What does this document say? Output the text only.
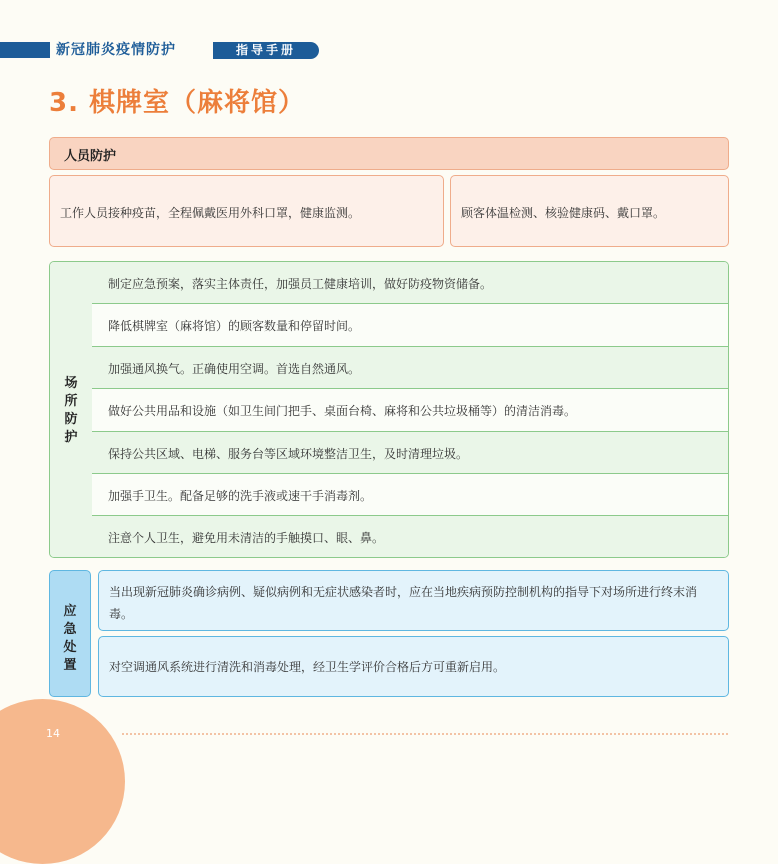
新冠肺炎疫情防护	指导手册
3. 棋牌室（麻将馆）
人员防护
工作人员接种疫苗，全程佩戴医用外科口罩，健康监测。	顾客体温检测、核验健康码、戴口罩。
场所防护
制定应急预案，落实主体责任，加强员工健康培训，做好防疫物资储备。
降低棋牌室（麻将馆）的顾客数量和停留时间。
加强通风换气。正确使用空调。首选自然通风。
做好公共用品和设施（如卫生间门把手、桌面台椅、麻将和公共垃圾桶等）的清洁消毒。
保持公共区域、电梯、服务台等区域环境整洁卫生，及时清理垃圾。
加强手卫生。配备足够的洗手液或速干手消毒剂。
注意个人卫生，避免用未清洁的手触摸口、眼、鼻。
应急处置
当出现新冠肺炎确诊病例、疑似病例和无症状感染者时，应在当地疾病预防控制机构的指导下对场所进行终末消毒。
对空调通风系统进行清洗和消毒处理，经卫生学评价合格后方可重新启用。
14
